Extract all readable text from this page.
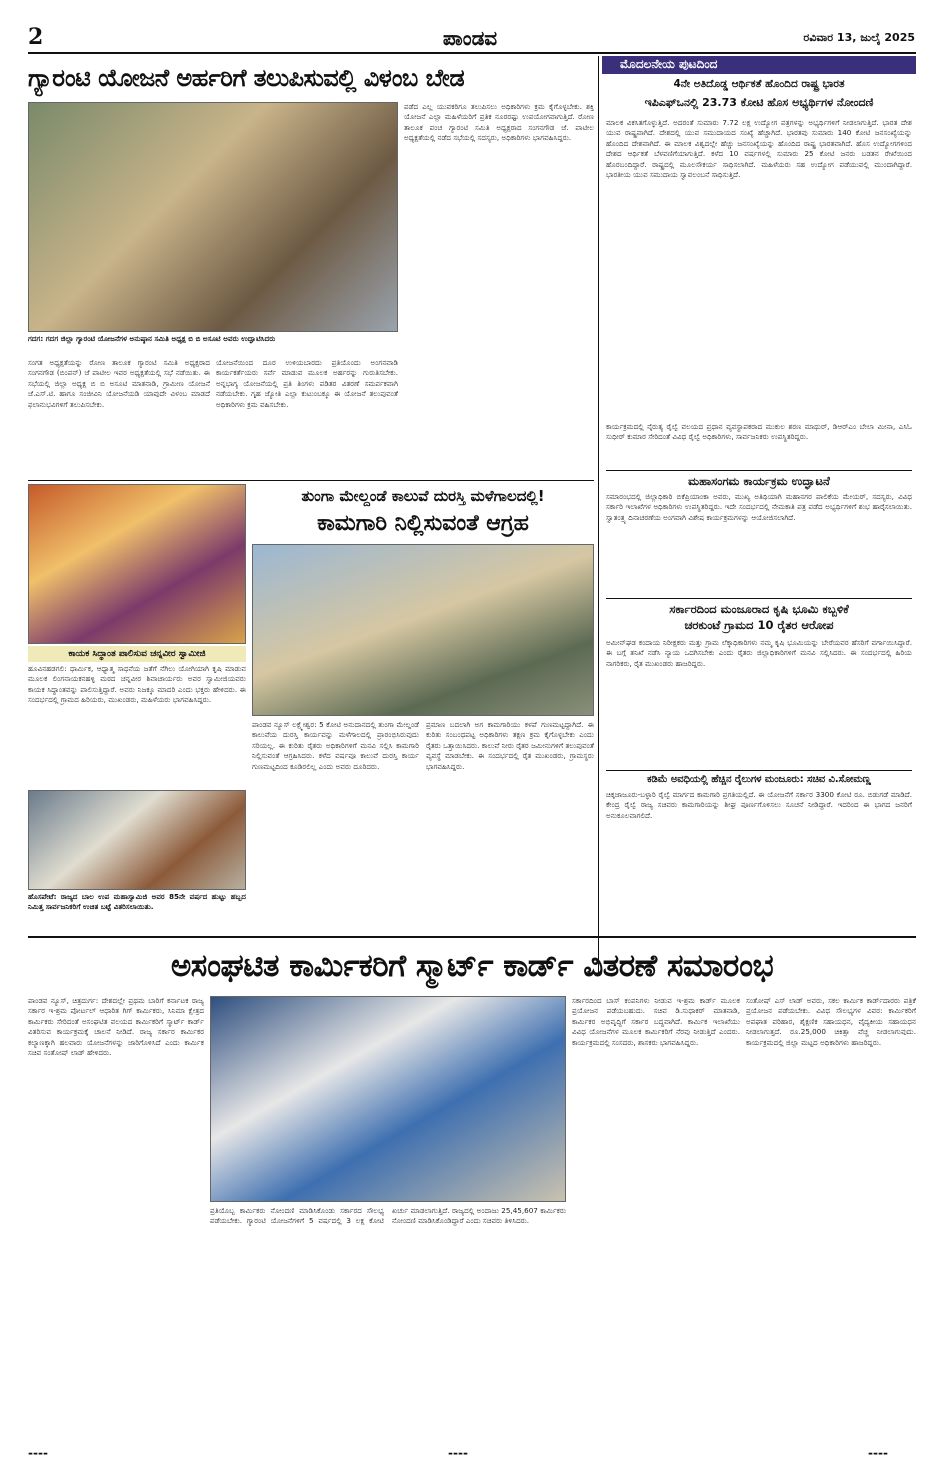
2	ಪಾಂಡವ	ರವಿವಾರ 13, ಜುಲೈ 2025
ಗ್ಯಾರಂಟಿ ಯೋಜನೆ ಅರ್ಹರಿಗೆ ತಲುಪಿಸುವಲ್ಲಿ ವಿಳಂಬ ಬೇಡ
ಗದಗ: ಗದಗ ಜಿಲ್ಲಾ ಗ್ಯಾರಂಟಿ ಯೋಜನೆಗಳ ಅನುಷ್ಠಾನ ಸಮಿತಿ ಅಧ್ಯಕ್ಷ ಬಿ ಬಿ ಅಸೂಟಿ ಅವರು ಉದ್ಘಾಟಿಸಿದರು
ಸಂಗತ ಅಧ್ಯಕ್ಷತೆಯನ್ನು ರೋಣ ತಾಲೂಕ ಗ್ಯಾರಂಟಿ ಸಮಿತಿ ಅಧ್ಯಕ್ಷರಾದ ಸಂಗನಗೌಡ (ಬಿಂಪನ್) ಜೆ ಪಾಟೀಲ ಇವರ ಅಧ್ಯಕ್ಷತೆಯಲ್ಲಿ ಸಭೆ ನಡೆಯಿತು. ಈ ಸಭೆಯಲ್ಲಿ ಜಿಲ್ಲಾ ಅಧ್ಯಕ್ಷ ಬಿ ಬಿ ಅಸೂಟಿ ಮಾತನಾಡಿ, ಗ್ರಾಮೀಣ ಯೋಜನೆ ಜೆ.ಎಸ್.ಟಿ. ಹಾಗೂ ಸಂಜೀವಿನಿ ಯೋಜನೆಯಡಿ ಯಾವುದೇ ವಿಳಂಬ ಮಾಡದೆ ಫಲಾನುಭವಿಗಳಿಗೆ ತಲುಪಿಸಬೇಕು.
ಯೋಜನೆಯಿಂದ ದೂರ ಉಳಿಯಬಾರದು ಪ್ರತಿಯೊಂದು ಅಂಗನವಾಡಿ ಕಾರ್ಯಕರ್ತೆಯರು ಸರ್ವೆ ಮಾಡುವ ಮೂಲಕ ಅರ್ಹರನ್ನು ಗುರುತಿಸಬೇಕು. ಅನ್ನಭಾಗ್ಯ ಯೋಜನೆಯಲ್ಲಿ ಪ್ರತಿ ತಿಂಗಳು ಪಡಿತರ ವಿತರಣೆ ಸಮರ್ಪಕವಾಗಿ ನಡೆಯಬೇಕು. ಗೃಹ ಜ್ಯೋತಿ ಎಲ್ಲಾ ಕುಟುಂಬಕ್ಕೂ ಈ ಯೋಜನೆ ತಲುಪುವಂತೆ ಅಧಿಕಾರಿಗಳು ಕ್ರಮ ವಹಿಸಬೇಕು.
ಪಡೆದ ಎಲ್ಲ ಯುವಕರಿಗೂ ತಲುಪಿಸಲು ಅಧಿಕಾರಿಗಳು ಕ್ರಮ ಕೈಗೊಳ್ಳಬೇಕು. ಶಕ್ತಿ ಯೋಜನೆ ಎಲ್ಲಾ ಮಹಿಳೆಯರಿಗೆ ಪ್ರತಿಕ ನೂರರಷ್ಟು ಉಪಯೋಗವಾಗುತ್ತಿದೆ. ರೋಣ ತಾಲೂಕ ಪಂಚ ಗ್ಯಾರಂಟಿ ಸಮಿತಿ ಅಧ್ಯಕ್ಷರಾದ ಸಂಗನಗೌಡ ಜೆ. ಪಾಟೀಲ ಅಧ್ಯಕ್ಷತೆಯಲ್ಲಿ ನಡೆದ ಸಭೆಯಲ್ಲಿ ಸದಸ್ಯರು, ಅಧಿಕಾರಿಗಳು ಭಾಗವಹಿಸಿದ್ದರು.
ಮೊದಲನೇಯ ಪುಟದಿಂದ
4ನೇ ಅತಿದೊಡ್ಡ ಆರ್ಥಿಕತೆ ಹೊಂದಿದ ರಾಷ್ಟ್ರ ಭಾರತ
ಇಪಿಎಫ್‌ಒನಲ್ಲಿ 23.73 ಕೋಟಿ ಹೊಸ ಅಭ್ಯರ್ಥಿಗಳ ನೋಂದಣಿ
ಮಾಲಕ ವಿಕಸಿತಗೊಳ್ಳುತ್ತಿದೆ. ಅದರಂತೆ ಸುಮಾರು 7.72 ಲಕ್ಷ ಉದ್ಯೋಗ ಪತ್ರಗಳನ್ನು ಅಭ್ಯರ್ಥಿಗಳಿಗೆ ನೀಡಲಾಗುತ್ತಿದೆ. ಭಾರತ ದೇಶ ಯುವ ರಾಷ್ಟ್ರವಾಗಿದೆ. ದೇಶದಲ್ಲಿ ಯುವ ಸಮುದಾಯದ ಸಂಖ್ಯೆ ಹೆಚ್ಚಾಗಿದೆ. ಭಾರತವು ಸುಮಾರು 140 ಕೋಟಿ ಜನಸಂಖ್ಯೆಯನ್ನು ಹೊಂದಿದ ದೇಶವಾಗಿದೆ. ಈ ಮಾಲಕ ವಿಶ್ವದಲ್ಲೇ ಹೆಚ್ಚು ಜನಸಂಖ್ಯೆಯನ್ನು ಹೊಂದಿದ ರಾಷ್ಟ್ರ ಭಾರತವಾಗಿದೆ. ಹೊಸ ಉದ್ಯೋಗಗಳಿಂದ ದೇಶದ ಆರ್ಥಿಕತೆ ಬೆಳವಣಿಗೆಯಾಗುತ್ತಿದೆ. ಕಳೆದ 10 ವರ್ಷಗಳಲ್ಲಿ ಸುಮಾರು 25 ಕೋಟಿ ಜನರು ಬಡತನ ರೇಖೆಯಿಂದ ಹೊರಬಂದಿದ್ದಾರೆ. ರಾಷ್ಟ್ರದಲ್ಲಿ ಮೂಲಸೌಕರ್ಯ ಸಾಧಿಸಲಾಗಿದೆ. ಮಹಿಳೆಯರು ಸಹ ಉದ್ಯೋಗ ಪಡೆಯುವಲ್ಲಿ ಮುಂದಾಗಿದ್ದಾರೆ. ಭಾರತೀಯ ಯುವ ಸಮುದಾಯ ಸ್ವಾವಲಂಬನೆ ಸಾಧಿಸುತ್ತಿದೆ.
ಕಾರ್ಯಕ್ರಮದಲ್ಲಿ ನೈರುತ್ಯ ರೈಲ್ವೆ ವಲಯದ ಪ್ರಧಾನ ವ್ಯವಸ್ಥಾಪಕರಾದ ಮುಕುಲ ಶರಣ ಮಾಥುರ್, ಡಿಆರ್‌ಎಂ ಬೇಲಾ ಮೀನಾ, ಎಸಿಓ ಸುಧೀರ್ ಕುಮಾರ ಸೇರಿದಂತೆ ವಿವಿಧ ರೈಲ್ವೆ ಅಧಿಕಾರಿಗಳು, ಸಾರ್ವಜನಿಕರು ಉಪಸ್ಥಿತರಿದ್ದರು.
ಮಹಾಸಂಗಮ ಕಾರ್ಯಕ್ರಮ ಉದ್ಘಾಟನೆ
ಸಮಾರಂಭದಲ್ಲಿ ಜಿಲ್ಲಾಧಿಕಾರಿ ಬಿಕೆಪ್ರಿಯಾಂಕಾ ಅವರು, ಮುಖ್ಯ ಅತಿಥಿಯಾಗಿ ಮಹಾನಗರ ಪಾಲಿಕೆಯ ಮೇಯರ್, ಸದಸ್ಯರು, ವಿವಿಧ ಸರ್ಕಾರಿ ಇಲಾಖೆಗಳ ಅಧಿಕಾರಿಗಳು ಉಪಸ್ಥಿತರಿದ್ದರು. ಇದೇ ಸಂದರ್ಭದಲ್ಲಿ ನೇಮಕಾತಿ ಪತ್ರ ಪಡೆದ ಅಭ್ಯರ್ಥಿಗಳಿಗೆ ಶುಭ ಹಾರೈಸಲಾಯಿತು. ಸ್ವಾತಂತ್ರ್ಯ ದಿನಾಚರಣೆಯ ಅಂಗವಾಗಿ ವಿಶೇಷ ಕಾರ್ಯಕ್ರಮಗಳನ್ನು ಆಯೋಜಿಸಲಾಗಿದೆ.
ಸರ್ಕಾರದಿಂದ ಮಂಜೂರಾದ ಕೃಷಿ ಭೂಮಿ ಕಬ್ಬಳಿಕೆ
ಚರಕುಂಟೆ ಗ್ರಾಮದ 10 ರೈತರ ಆರೋಪ
ಅಮೀನ್‌ಘಡ ಕಂದಾಯ ನಿರೀಕ್ಷಕರು ಮತ್ತು ಗ್ರಾಮ ಲೆಕ್ಕಾಧಿಕಾರಿಗಳು ನಮ್ಮ ಕೃಷಿ ಭೂಮಿಯನ್ನು ಬೇರೆಯವರ ಹೆಸರಿಗೆ ವರ್ಗಾಯಿಸಿದ್ದಾರೆ. ಈ ಬಗ್ಗೆ ತನಿಖೆ ನಡೆಸಿ ನ್ಯಾಯ ಒದಗಿಸಬೇಕು ಎಂದು ರೈತರು ಜಿಲ್ಲಾಧಿಕಾರಿಗಳಿಗೆ ಮನವಿ ಸಲ್ಲಿಸಿದರು. ಈ ಸಂದರ್ಭದಲ್ಲಿ ಹಿರಿಯ ನಾಗರಿಕರು, ರೈತ ಮುಖಂಡರು ಹಾಜರಿದ್ದರು.
ಕಡಿಮೆ ಅವಧಿಯಲ್ಲಿ ಹೆಚ್ಚಿನ ರೈಲುಗಳ ಮಂಜೂರು: ಸಚಿವ ವಿ.ಸೋಮಣ್ಣ
ಚಿಕ್ಕಜಾಜೂರು-ಬಳ್ಳಾರಿ ರೈಲ್ವೆ ಮಾರ್ಗದ ಕಾಮಗಾರಿ ಪ್ರಗತಿಯಲ್ಲಿದೆ. ಈ ಯೋಜನೆಗೆ ಸರ್ಕಾರ 3300 ಕೋಟಿ ರೂ. ಬಿಡುಗಡೆ ಮಾಡಿದೆ. ಕೇಂದ್ರ ರೈಲ್ವೆ ರಾಜ್ಯ ಸಚಿವರು ಕಾಮಗಾರಿಯನ್ನು ಶೀಘ್ರ ಪೂರ್ಣಗೊಳಿಸಲು ಸೂಚನೆ ನೀಡಿದ್ದಾರೆ. ಇದರಿಂದ ಈ ಭಾಗದ ಜನರಿಗೆ ಅನುಕೂಲವಾಗಲಿದೆ.
ಕಾಯಕ ಸಿದ್ಧಾಂತ ಪಾಲಿಸುವ ಚನ್ನವೀರ ಸ್ವಾಮೀಜಿ
ಹೂವಿನಹಡಗಲಿ: ಧಾರ್ಮಿಕ, ಆಧ್ಯಾತ್ಮ ಸಾಧನೆಯ ಜತೆಗೆ ನೆಗಿಲು ಯೋಗಿಯಾಗಿ ಕೃಷಿ ಮಾಡುವ ಮೂಲಕ ಲಿಂಗನಾಯಕನಹಳ್ಳಿ ಮಠದ ಚನ್ನವೀರ ಶಿವಾಚಾರ್ಯರು ಅವರ ಸ್ವಾಮೀಜಿಯವರು ಕಾಯಕ ಸಿದ್ಧಾಂತವನ್ನು ಪಾಲಿಸುತ್ತಿದ್ದಾರೆ. ಅವರು ನಿಜಕ್ಕೂ ಮಾದರಿ ಎಂದು ಭಕ್ತರು ಹೇಳಿದರು. ಈ ಸಂದರ್ಭದಲ್ಲಿ ಗ್ರಾಮದ ಹಿರಿಯರು, ಮುಖಂಡರು, ಮಹಿಳೆಯರು ಭಾಗವಹಿಸಿದ್ದರು.
ಹೊಸಪೇಟೆ: ರಾಜ್ಯದ ಬಾಲ ಉಪ ಮಹಾಸ್ವಾಮಿಜಿ ಅವರ 85ನೇ ವರ್ಷದ ಹುಟ್ಟು ಹಬ್ಬದ ನಿಮಿತ್ತ ಸಾರ್ವಜನಿಕರಿಗೆ ಉಚಿತ ಬಟ್ಟೆ ವಿತರಿಸಲಾಯಿತು.
ತುಂಗಾ ಮೇಲ್ದಂಡೆ ಕಾಲುವೆ ದುರಸ್ತಿ ಮಳೆಗಾಲದಲ್ಲಿ!
ಕಾಮಗಾರಿ ನಿಲ್ಲಿಸುವಂತೆ ಆಗ್ರಹ
ಪಾಂಡವ ನ್ಯೂಸ್ ಲಕ್ಷ್ಮೇಶ್ವರ: 5 ಕೋಟಿ ಅನುದಾನದಲ್ಲಿ ತುಂಗಾ ಮೇಲ್ದಂಡೆ ಕಾಲುವೆಯ ದುರಸ್ತಿ ಕಾರ್ಯವನ್ನು ಮಳೆಗಾಲದಲ್ಲಿ ಪ್ರಾರಂಭಿಸಿರುವುದು ಸರಿಯಲ್ಲ. ಈ ಕುರಿತು ರೈತರು ಅಧಿಕಾರಿಗಳಿಗೆ ಮನವಿ ಸಲ್ಲಿಸಿ ಕಾಮಗಾರಿ ನಿಲ್ಲಿಸುವಂತೆ ಆಗ್ರಹಿಸಿದರು. ಕಳೆದ ವರ್ಷವೂ ಕಾಲುವೆ ದುರಸ್ತಿ ಕಾರ್ಯ ಗುಣಮಟ್ಟದಿಂದ ಕೂಡಿರಲಿಲ್ಲ ಎಂದು ಅವರು ದೂರಿದರು.
ಪ್ರಮಾಣ ಬದಲಾಗಿ ಅಗ ಕಾಮಗಾರಿಯು ಕಳಪೆ ಗುಣಮಟ್ಟದ್ದಾಗಿದೆ. ಈ ಕುರಿತು ಸಂಬಂಧಪಟ್ಟ ಅಧಿಕಾರಿಗಳು ತಕ್ಷಣ ಕ್ರಮ ಕೈಗೊಳ್ಳಬೇಕು ಎಂದು ರೈತರು ಒತ್ತಾಯಿಸಿದರು. ಕಾಲುವೆ ನೀರು ರೈತರ ಜಮೀನುಗಳಿಗೆ ತಲುಪುವಂತೆ ವ್ಯವಸ್ಥೆ ಮಾಡಬೇಕು. ಈ ಸಂದರ್ಭದಲ್ಲಿ ರೈತ ಮುಖಂಡರು, ಗ್ರಾಮಸ್ಥರು ಭಾಗವಹಿಸಿದ್ದರು.
ಅಸಂಘಟಿತ ಕಾರ್ಮಿಕರಿಗೆ ಸ್ಮಾರ್ಟ್ ಕಾರ್ಡ್ ವಿತರಣೆ ಸಮಾರಂಭ
ಪಾಂಡವ ನ್ಯೂಸ್, ಚಿತ್ರದುರ್ಗ: ದೇಶದಲ್ಲೇ ಪ್ರಥಮ ಬಾರಿಗೆ ಕರ್ನಾಟಕ ರಾಜ್ಯ ಸರ್ಕಾರ ಇ-ಶ್ರಮ ಪೋರ್ಟಲ್ ಆಧಾರಿತ ಗಿಗ್ ಕಾರ್ಮಿಕರು, ಸಿನಿಮಾ ಕ್ಷೇತ್ರದ ಕಾರ್ಮಿಕರು ಸೇರಿದಂತೆ ಅಸಂಘಟಿತ ವಲಯದ ಕಾರ್ಮಿಕರಿಗೆ ಸ್ಮಾರ್ಟ್ ಕಾರ್ಡ್ ವಿತರಿಸುವ ಕಾರ್ಯಕ್ರಮಕ್ಕೆ ಚಾಲನೆ ನೀಡಿದೆ. ರಾಜ್ಯ ಸರ್ಕಾರ ಕಾರ್ಮಿಕರ ಕಲ್ಯಾಣಕ್ಕಾಗಿ ಹಲವಾರು ಯೋಜನೆಗಳನ್ನು ಜಾರಿಗೊಳಿಸಿದೆ ಎಂದು ಕಾರ್ಮಿಕ ಸಚಿವ ಸಂತೋಷ್ ಲಾಡ್ ಹೇಳಿದರು.
ಪ್ರತಿಯೊಬ್ಬ ಕಾರ್ಮಿಕರು ನೋಂದಣಿ ಮಾಡಿಸಿಕೊಂಡು ಸರ್ಕಾರದ ಸೌಲಭ್ಯ ಪಡೆಯಬೇಕು. ಗ್ಯಾರಂಟಿ ಯೋಜನೆಗಳಿಗೆ 5 ವರ್ಷದಲ್ಲಿ 3 ಲಕ್ಷ ಕೋಟಿ ಖರ್ಚು ಮಾಡಲಾಗುತ್ತಿದೆ. ರಾಜ್ಯದಲ್ಲಿ ಅಂದಾಜು 25,45,607 ಕಾರ್ಮಿಕರು ನೋಂದಣಿ ಮಾಡಿಸಿಕೊಂಡಿದ್ದಾರೆ ಎಂದು ಸಚಿವರು ತಿಳಿಸಿದರು.
ಸರ್ಕಾರದಿಂದ ಬಾಸ್ ಕಂಪನಿಗಳು ನೀಡುವ ಇ-ಶ್ರಮ ಕಾರ್ಡ್ ಮೂಲಕ ಪ್ರಯೋಜನ ಪಡೆಯಬಹುದು. ಸಚಿವ ಡಿ.ಸುಧಾಕರ್ ಮಾತನಾಡಿ, ಕಾರ್ಮಿಕರ ಅಭಿವೃದ್ಧಿಗೆ ಸರ್ಕಾರ ಬದ್ಧವಾಗಿದೆ. ಕಾರ್ಮಿಕ ಇಲಾಖೆಯು ವಿವಿಧ ಯೋಜನೆಗಳ ಮೂಲಕ ಕಾರ್ಮಿಕರಿಗೆ ನೆರವು ನೀಡುತ್ತಿದೆ ಎಂದರು. ಕಾರ್ಯಕ್ರಮದಲ್ಲಿ ಸಂಸದರು, ಶಾಸಕರು ಭಾಗವಹಿಸಿದ್ದರು.
ಸಂತೋಷ್ ಎಸ್ ಲಾಡ್ ಅವರು, ಸಕಲ ಕಾರ್ಮಿಕ ಕಾರ್ಡ್‌ದಾರರು ಪತ್ರಿಕೆ ಪ್ರಯೋಜನ ಪಡೆಯಬೇಕು. ವಿವಿಧ ಸೌಲಭ್ಯಗಳ ವಿವರ: ಕಾರ್ಮಿಕರಿಗೆ ಅಪಘಾತ ಪರಿಹಾರ, ಶೈಕ್ಷಣಿಕ ಸಹಾಯಧನ, ವೈದ್ಯಕೀಯ ಸಹಾಯಧನ ನೀಡಲಾಗುತ್ತದೆ. ರೂ.25,000 ಚಿಕಿತ್ಸಾ ವೆಚ್ಚ ನೀಡಲಾಗುವುದು. ಕಾರ್ಯಕ್ರಮದಲ್ಲಿ ಜಿಲ್ಲಾ ಮಟ್ಟದ ಅಧಿಕಾರಿಗಳು ಹಾಜರಿದ್ದರು.
----	----	----
